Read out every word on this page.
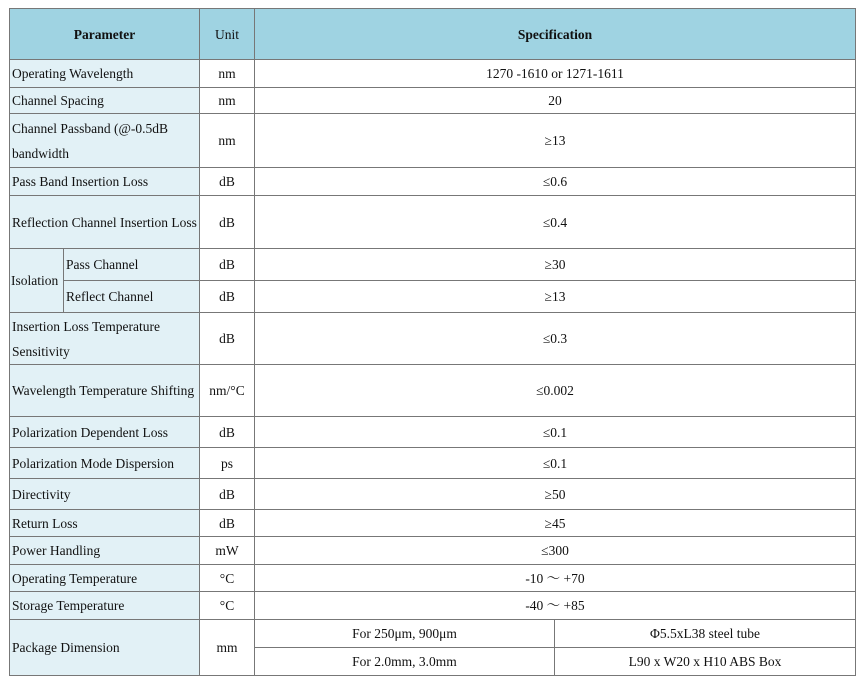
Parameter		Unit	Specification	
Operating Wavelength		nm	1270 -1610 or 1271-1611	
Channel Spacing		nm	20	
Channel Passband (@-0.5dB bandwidth		nm	≥13	
Pass Band Insertion Loss		dB	≤0.6	
Reflection Channel Insertion Loss		dB	≤0.4	
Isolation	Pass Channel	dB	≥30	
	Reflect Channel	dB	≥13	
Insertion Loss Temperature Sensitivity		dB	≤0.3	
Wavelength Temperature Shifting		nm/°C	≤0.002	
Polarization Dependent Loss		dB	≤0.1	
Polarization Mode Dispersion		ps	≤0.1	
Directivity		dB	≥50	
Return Loss		dB	≥45	
Power Handling		mW	≤300	
Operating Temperature		°C	-10 ～ +70	
Storage Temperature		°C	-40 ～ +85	
Package Dimension		mm	For 250μm, 900μm	Φ5.5xL38 steel tube
			For 2.0mm, 3.0mm	L90 x W20 x H10 ABS Box
